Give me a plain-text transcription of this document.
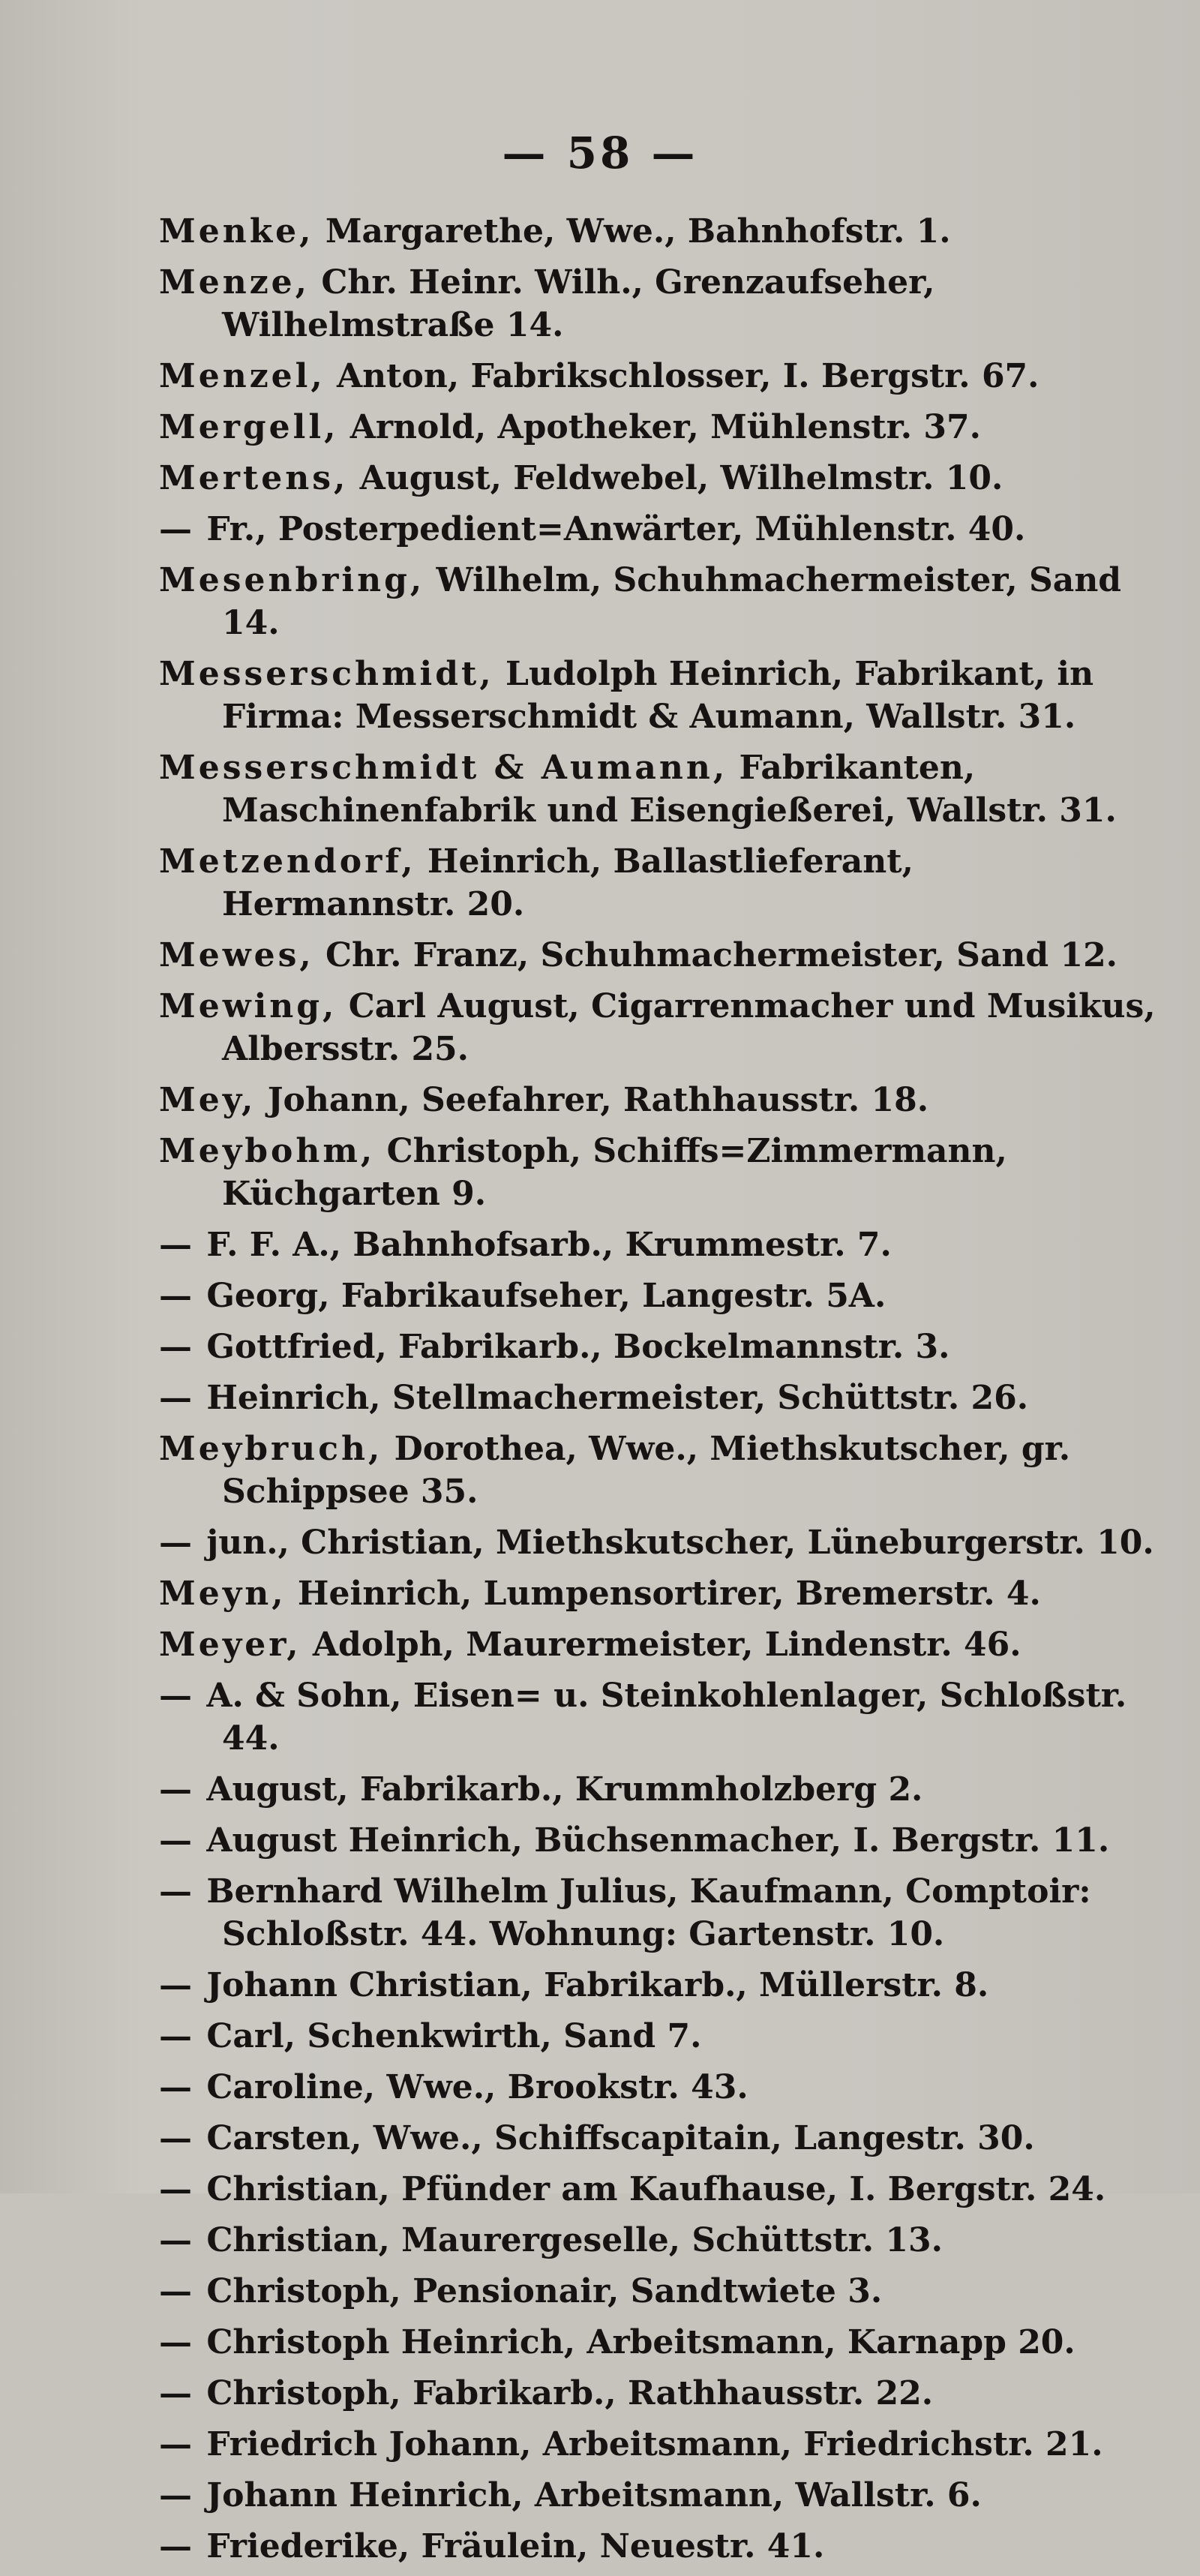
— 58 —
Menke, Margarethe, Wwe., Bahnhofstr. 1.
Menze, Chr. Heinr. Wilh., Grenzaufseher, Wilhelmstraße 14.
Menzel, Anton, Fabrikschlosser, I. Bergstr. 67.
Mergell, Arnold, Apotheker, Mühlenstr. 37.
Mertens, August, Feldwebel, Wilhelmstr. 10.
— Fr., Posterpedient=Anwärter, Mühlenstr. 40.
Mesenbring, Wilhelm, Schuhmachermeister, Sand 14.
Messerschmidt, Ludolph Heinrich, Fabrikant, in Firma: Messerschmidt & Aumann, Wallstr. 31.
Messerschmidt & Aumann, Fabrikanten, Maschinenfabrik und Eisengießerei, Wallstr. 31.
Metzendorf, Heinrich, Ballastlieferant, Hermannstr. 20.
Mewes, Chr. Franz, Schuhmachermeister, Sand 12.
Mewing, Carl August, Cigarrenmacher und Musikus, Albersstr. 25.
Mey, Johann, Seefahrer, Rathhausstr. 18.
Meybohm, Christoph, Schiffs=Zimmermann, Küchgarten 9.
— F. F. A., Bahnhofsarb., Krummestr. 7.
— Georg, Fabrikaufseher, Langestr. 5A.
— Gottfried, Fabrikarb., Bockelmannstr. 3.
— Heinrich, Stellmachermeister, Schüttstr. 26.
Meybruch, Dorothea, Wwe., Miethskutscher, gr. Schippsee 35.
— jun., Christian, Miethskutscher, Lüneburgerstr. 10.
Meyn, Heinrich, Lumpensortirer, Bremerstr. 4.
Meyer, Adolph, Maurermeister, Lindenstr. 46.
— A. & Sohn, Eisen= u. Steinkohlenlager, Schloßstr. 44.
— August, Fabrikarb., Krummholzberg 2.
— August Heinrich, Büchsenmacher, I. Bergstr. 11.
— Bernhard Wilhelm Julius, Kaufmann, Comptoir: Schloßstr. 44. Wohnung: Gartenstr. 10.
— Johann Christian, Fabrikarb., Müllerstr. 8.
— Carl, Schenkwirth, Sand 7.
— Caroline, Wwe., Brookstr. 43.
— Carsten, Wwe., Schiffscapitain, Langestr. 30.
— Christian, Pfünder am Kaufhause, I. Bergstr. 24.
— Christian, Maurergeselle, Schüttstr. 13.
— Christoph, Pensionair, Sandtwiete 3.
— Christoph Heinrich, Arbeitsmann, Karnapp 20.
— Christoph, Fabrikarb., Rathhausstr. 22.
— Friedrich Johann, Arbeitsmann, Friedrichstr. 21.
— Johann Heinrich, Arbeitsmann, Wallstr. 6.
— Friederike, Fräulein, Neuestr. 41.
